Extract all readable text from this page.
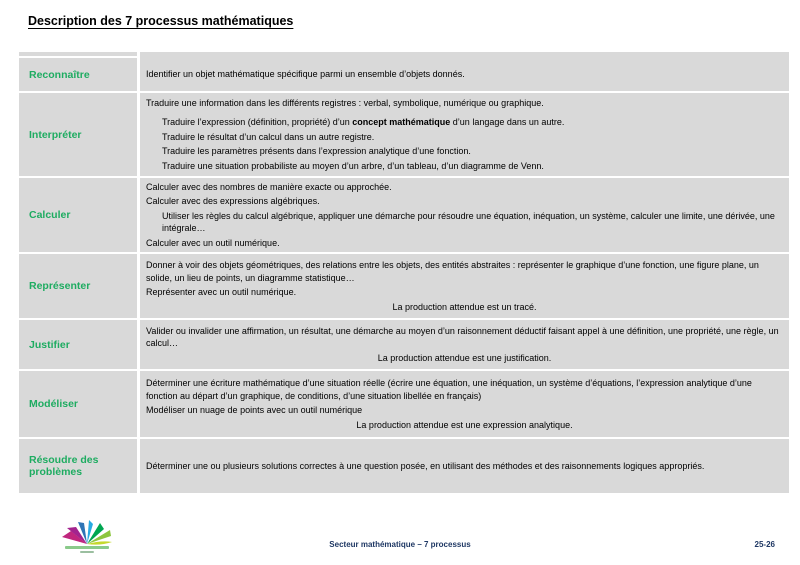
Description des 7 processus mathématiques
Reconnaître	Identifier un objet mathématique spécifique parmi un ensemble d’objets donnés.
Interpréter
Traduire une information dans les différents registres : verbal, symbolique, numérique ou graphique.
Traduire l’expression (définition, propriété) d’un concept mathématique d’un langage dans un autre.
Traduire le résultat d’un calcul dans un autre registre.
Traduire les paramètres présents dans l’expression analytique d’une fonction.
Traduire une situation probabiliste au moyen d’un arbre, d’un tableau, d’un diagramme de Venn.
Calculer
Calculer avec des nombres de manière exacte ou approchée.
Calculer avec des expressions algébriques.
Utiliser les règles du calcul algébrique, appliquer une démarche pour résoudre une équation, inéquation, un système, calculer une limite, une dérivée, une intégrale…
Calculer avec un outil numérique.
Représenter
Donner à voir des objets géométriques, des relations entre les objets, des entités abstraites : représenter le graphique d’une fonction, une figure plane, un solide, un lieu de points, un diagramme statistique…
Représenter avec un outil numérique.
La production attendue est un tracé.
Justifier
Valider ou invalider une affirmation, un résultat, une démarche au moyen d’un raisonnement déductif faisant appel à une définition, une propriété, une règle, un calcul…
La production attendue est une justification.
Modéliser
Déterminer une écriture mathématique d’une situation réelle (écrire une équation, une inéquation, un système d’équations, l’expression analytique d’une fonction au départ d’un graphique, de conditions, d’une situation libellée en français)
Modéliser un nuage de points avec un outil numérique
La production attendue est une expression analytique.
Résoudre des problèmes
Déterminer une ou plusieurs solutions correctes à une question posée, en utilisant des méthodes et des raisonnements logiques appropriés.
Secteur mathématique – 7 processus	25-26
